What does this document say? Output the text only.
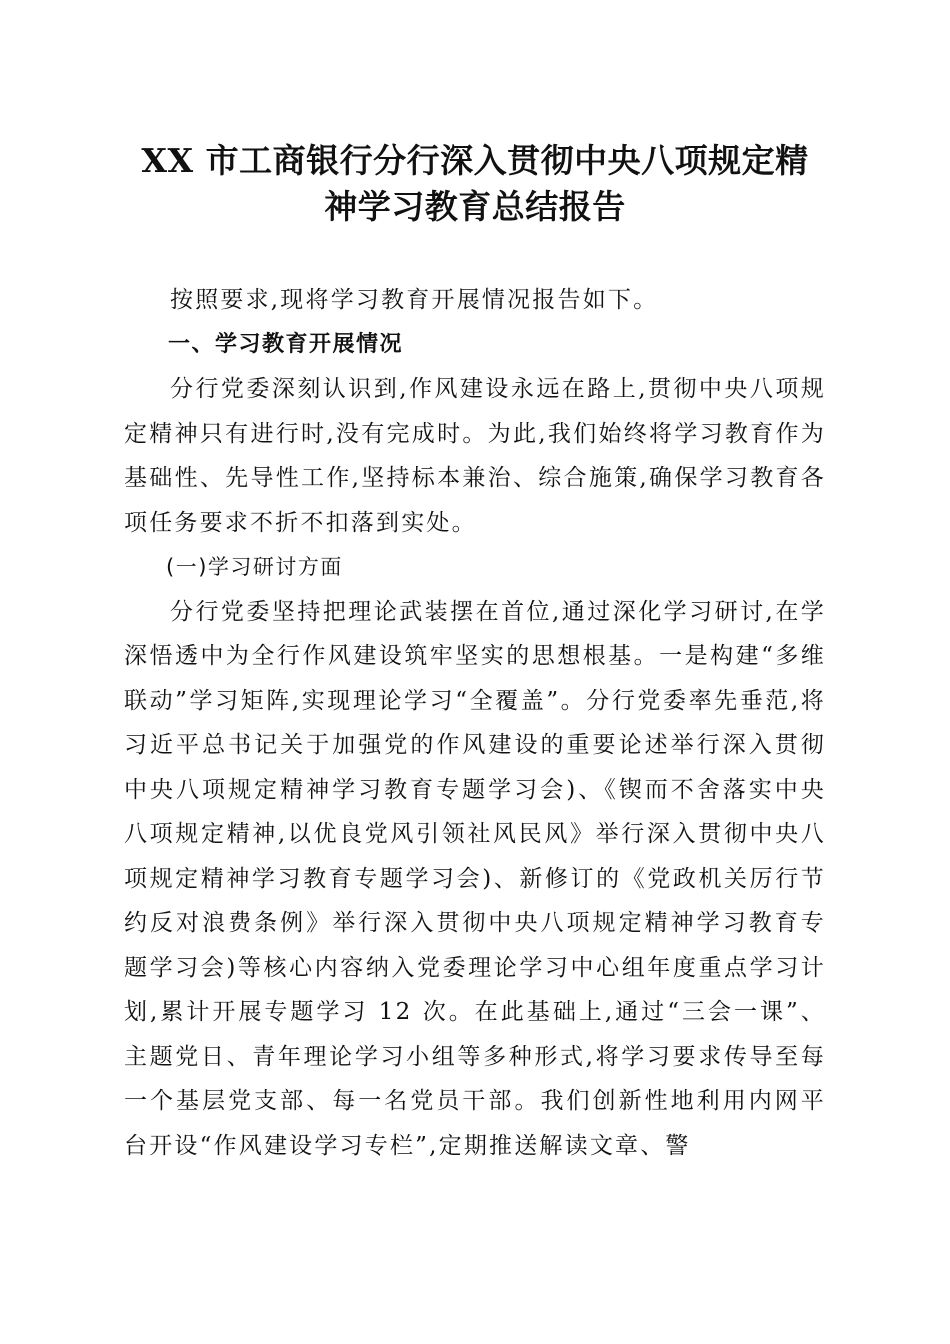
XX 市工商银行分行深入贯彻中央八项规定精
神学习教育总结报告

按照要求,现将学习教育开展情况报告如下。

一、学习教育开展情况

分行党委深刻认识到,作风建设永远在路上,贯彻中央八项规定精神只有进行时,没有完成时。为此,我们始终将学习教育作为基础性、先导性工作,坚持标本兼治、综合施策,确保学习教育各项任务要求不折不扣落到实处。

(一)学习研讨方面

分行党委坚持把理论武装摆在首位,通过深化学习研讨,在学深悟透中为全行作风建设筑牢坚实的思想根基。一是构建“多维联动”学习矩阵,实现理论学习“全覆盖”。分行党委率先垂范,将习近平总书记关于加强党的作风建设的重要论述举行深入贯彻中央八项规定精神学习教育专题学习会)、《锲而不舍落实中央八项规定精神,以优良党风引领社风民风》举行深入贯彻中央八项规定精神学习教育专题学习会)、新修订的《党政机关厉行节约反对浪费条例》举行深入贯彻中央八项规定精神学习教育专题学习会)等核心内容纳入党委理论学习中心组年度重点学习计划,累计开展专题学习 12 次。在此基础上,通过“三会一课”、主题党日、青年理论学习小组等多种形式,将学习要求传导至每一个基层党支部、每一名党员干部。我们创新性地利用内网平台开设“作风建设学习专栏”,定期推送解读文章、警
